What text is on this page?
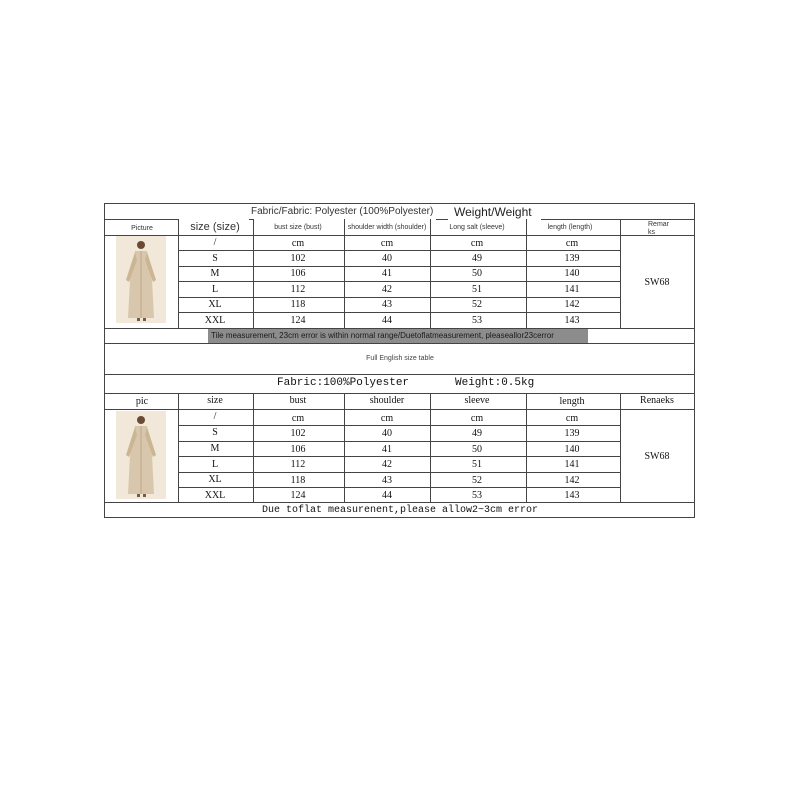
Fabric/Fabric: Polyester (100%Polyester) Weight/Weight
Picture	size (size)	bust size (bust)	shoulder width (shoulder)	Long salt (sleeve)	length (length)	Remar
ks
/	cm	cm	cm	cm
S	102	40	49	139
M	106	41	50	140
L	112	42	51	141
XL	118	43	52	142
XXL	124	44	53	143
SW68
Tile measurement, 23cm error is within normal range/Duetoflatmeasurement, pleaseallor23cerror
Full English size table
Fabric:100%Polyester	Weight:0.5kg
pic	size	bust	shoulder	sleeve	length	Renaeks
/	cm	cm	cm	cm
S	102	40	49	139
M	106	41	50	140
L	112	42	51	141
XL	118	43	52	142
XXL	124	44	53	143
SW68
Due toflat measurenent,please allow2~3cm error
